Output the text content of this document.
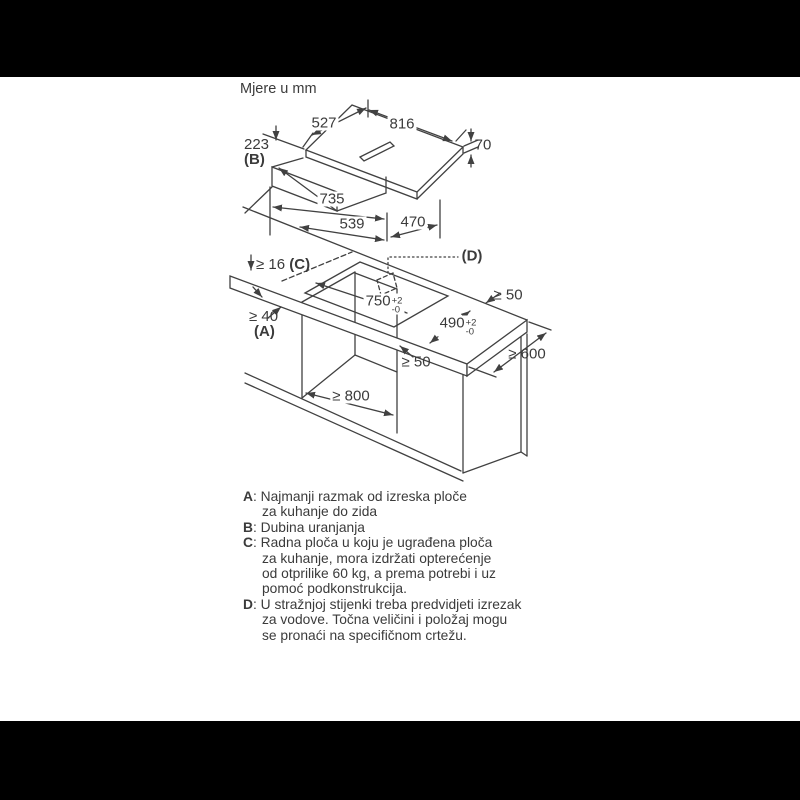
Mjere u mm
527	816
223
(B)
70
735
539 470
≥ 16 (C)	(D)
≥ 50
750 +2
-0
490 +2
-0
≥ 40
(A)
≥ 50	≥ 600
≥ 800
A: Najmanji razmak od izreska ploče
za kuhanje do zida
B: Dubina uranjanja
C: Radna ploča u koju je ugrađena ploča
za kuhanje, mora izdržati opterećenje
od otprilike 60 kg, a prema potrebi i uz
pomoć podkonstrukcija.
D: U stražnjoj stijenki treba predvidjeti izrezak
za vodove. Točna veličini i položaj mogu
se pronaći na specifičnom crtežu.
